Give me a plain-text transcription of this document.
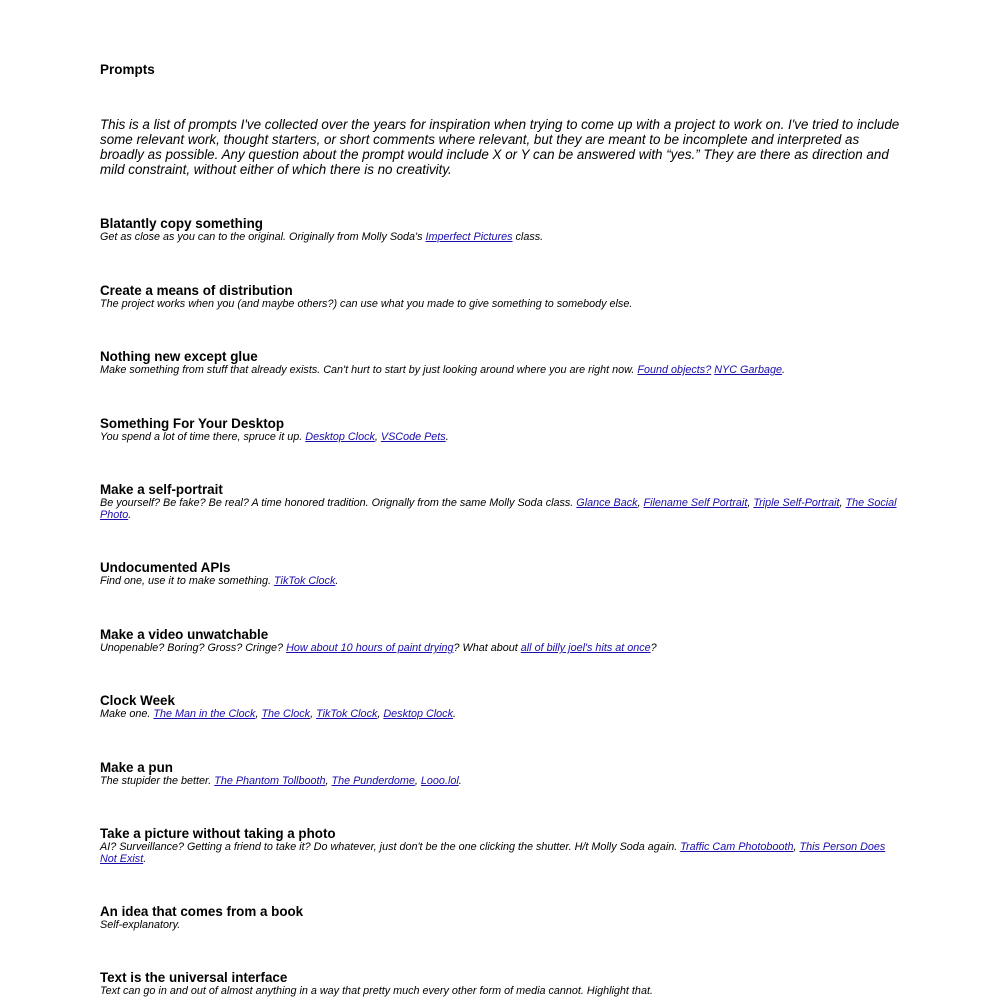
Prompts

This is a list of prompts I've collected over the years for inspiration when trying to come up with a project to work on. I've tried to include some relevant work, thought starters, or short comments where relevant, but they are meant to be incomplete and interpreted as broadly as possible. Any question about the prompt would include X or Y can be answered with “yes.” They are there as direction and mild constraint, without either of which there is no creativity.

Blatantly copy something

Get as close as you can to the original. Originally from Molly Soda's Imperfect Pictures class.

Create a means of distribution

The project works when you (and maybe others?) can use what you made to give something to somebody else.

Nothing new except glue

Make something from stuff that already exists. Can't hurt to start by just looking around where you are right now. Found objects? NYC Garbage.

Something For Your Desktop

You spend a lot of time there, spruce it up. Desktop Clock, VSCode Pets.

Make a self-portrait

Be yourself? Be fake? Be real? A time honored tradition. Orignally from the same Molly Soda class. Glance Back, Filename Self Portrait, Triple Self-Portrait, The Social Photo.

Undocumented APIs

Find one, use it to make something. TikTok Clock.

Make a video unwatchable

Unopenable? Boring? Gross? Cringe? How about 10 hours of paint drying? What about all of billy joel's hits at once?

Clock Week

Make one. The Man in the Clock, The Clock, TikTok Clock, Desktop Clock.

Make a pun

The stupider the better. The Phantom Tollbooth, The Punderdome, Looo.lol.

Take a picture without taking a photo

AI? Surveillance? Getting a friend to take it? Do whatever, just don't be the one clicking the shutter. H/t Molly Soda again. Traffic Cam Photobooth, This Person Does Not Exist.

An idea that comes from a book

Self-explanatory.

Text is the universal interface

Text can go in and out of almost anything in a way that pretty much every other form of media cannot. Highlight that.
